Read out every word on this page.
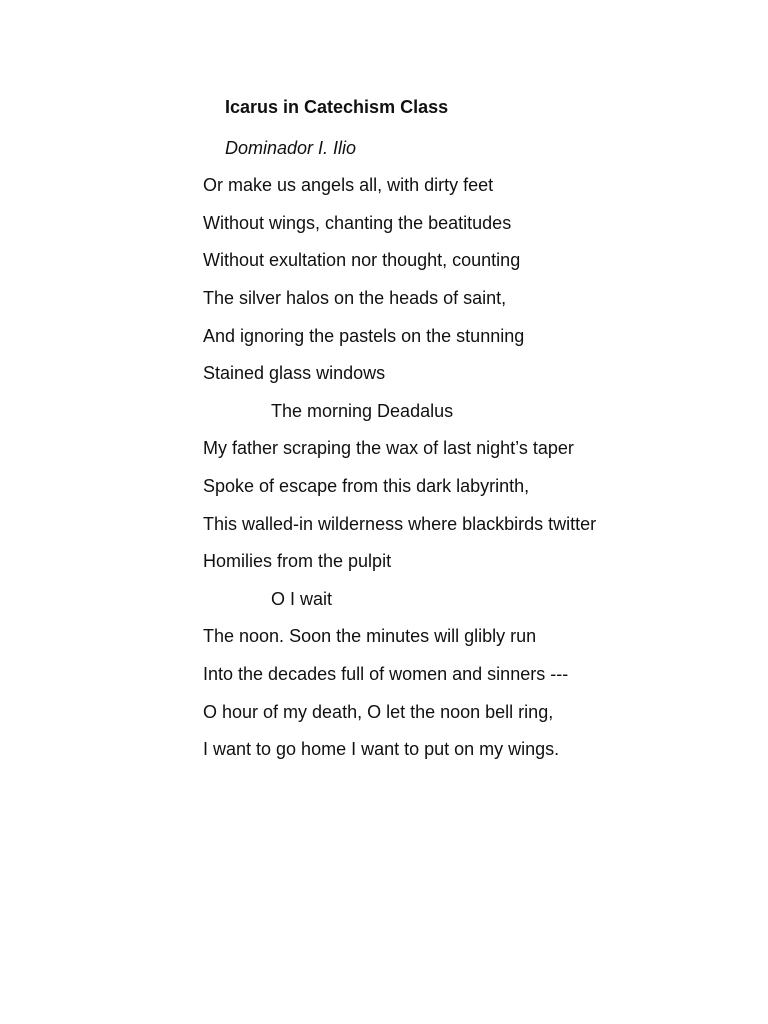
Icarus in Catechism Class
Dominador I. Ilio
Or make us angels all, with dirty feet
Without wings, chanting the beatitudes
Without exultation nor thought, counting
The silver halos on the heads of saint,
And ignoring the pastels on the stunning
Stained glass windows
The morning Deadalus
My father scraping the wax of last night’s taper
Spoke of escape from this dark labyrinth,
This walled-in wilderness where blackbirds twitter
Homilies from the pulpit
O I wait
The noon. Soon the minutes will glibly run
Into the decades full of women and sinners ---
O hour of my death, O let the noon bell ring,
I want to go home I want to put on my wings.
